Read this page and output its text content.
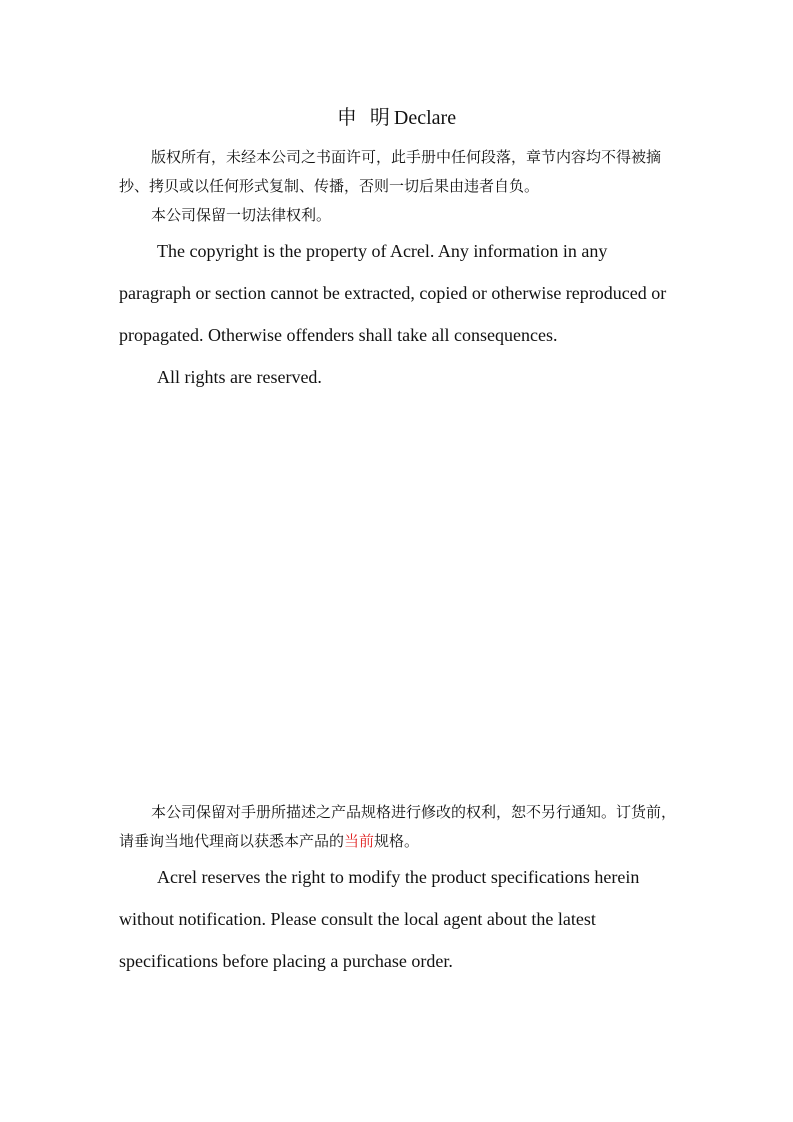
申 明Declare

版权所有，未经本公司之书面许可，此手册中任何段落，章节内容均不得被摘抄、拷贝或以任何形式复制、传播，否则一切后果由违者自负。

本公司保留一切法律权利。

The copyright is the property of Acrel. Any information in any paragraph or section cannot be extracted, copied or otherwise reproduced or propagated. Otherwise offenders shall take all consequences.

All rights are reserved.

本公司保留对手册所描述之产品规格进行修改的权利，恕不另行通知。订货前，请垂询当地代理商以获悉本产品的当前规格。

Acrel reserves the right to modify the product specifications herein without notification. Please consult the local agent about the latest specifications before placing a purchase order.
